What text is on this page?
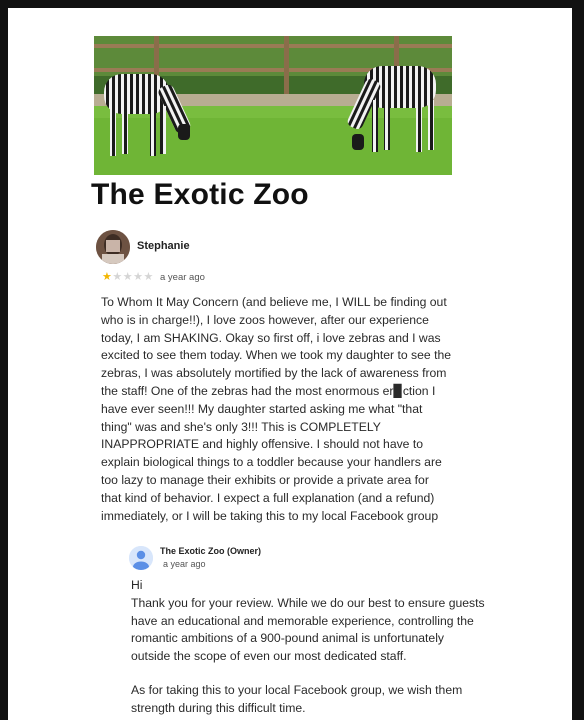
The Exotic Zoo
Stephanie
★★★★★ a year ago

To Whom It May Concern (and believe me, I WILL be finding out

who is in charge!!), I love zoos however, after our experience

today, I am SHAKING. Okay so first off, i love zebras and I was

excited to see them today. When we took my daughter to see the

zebras, I was absolutely mortified by the lack of awareness from

the staff! One of the zebras had the most enormous er▉ction I

have ever seen!!! My daughter started asking me what "that

thing" was and she's only 3!!! This is COMPLETELY

INAPPROPRIATE and highly offensive. I should not have to

explain biological things to a toddler because your handlers are

too lazy to manage their exhibits or provide a private area for

that kind of behavior. I expect a full explanation (and a refund)

immediately, or I will be taking this to my local Facebook group

The Exotic Zoo (Owner)
a year ago

Hi

Thank you for your review. While we do our best to ensure guests

have an educational and memorable experience, controlling the

romantic ambitions of a 900-pound animal is unfortunately

outside the scope of even our most dedicated staff.

As for taking this to your local Facebook group, we wish them

strength during this difficult time.
